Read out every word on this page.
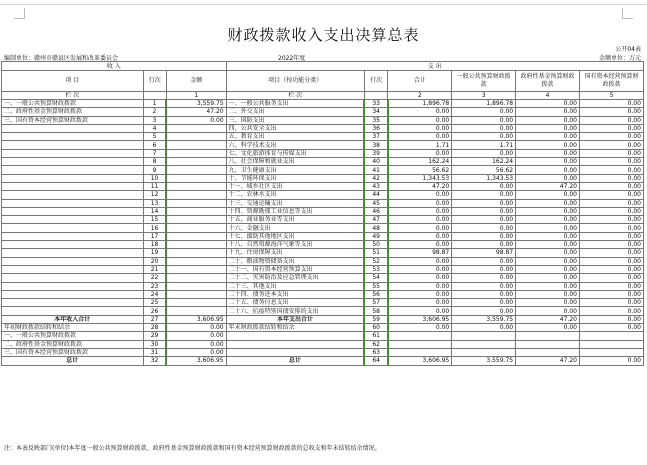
财政拨款收入支出决算总表
公开04表
编制单位：赣州市赣县区发展和改革委员会	2022年度	金额单位：万元
收 入			支 出					
项 目	行次	金额	项目（按功能分类）	行次	合计	一般公共预算财政拨款	政府性基金预算财政拨款	国有资本经营预算财政拨款
栏 次		1	栏 次		2	3	4	5
一、一般公共预算财政拨款	1	3,559.75	一、一般公共服务支出	33	1,896.78	1,896.78	0.00	0.00
二、政府性基金预算财政拨款	2	47.20	二、外交支出	34	0.00	0.00	0.00	0.00
三、国有资本经营预算财政拨款	3	0.00	三、国防支出	35	0.00	0.00	0.00	0.00
	4		四、公共安全支出	36	0.00	0.00	0.00	0.00
	5		五、教育支出	37	0.00	0.00	0.00	0.00
	6		六、科学技术支出	38	1.71	1.71	0.00	0.00
	7		七、文化旅游体育与传媒支出	39	0.00	0.00	0.00	0.00
	8		八、社会保障和就业支出	40	162.24	162.24	0.00	0.00
	9		九、卫生健康支出	41	56.62	56.62	0.00	0.00
	10		十、节能环保支出	42	1,343.53	1,343.53	0.00	0.00
	11		十一、城乡社区支出	43	47.20	0.00	47.20	0.00
	12		十二、农林水支出	44	0.00	0.00	0.00	0.00
	13		十三、交通运输支出	45	0.00	0.00	0.00	0.00
	14		十四、资源勘探工业信息等支出	46	0.00	0.00	0.00	0.00
	15		十五、商业服务业等支出	47	0.00	0.00	0.00	0.00
	16		十六、金融支出	48	0.00	0.00	0.00	0.00
	17		十七、援助其他地区支出	49	0.00	0.00	0.00	0.00
	18		十八、自然资源海洋气象等支出	50	0.00	0.00	0.00	0.00
	19		十九、住房保障支出	51	98.87	98.87	0.00	0.00
	20		二十、粮油物资储备支出	52	0.00	0.00	0.00	0.00
	21		二十一、国有资本经营预算支出	53	0.00	0.00	0.00	0.00
	22		二十二、灾害防治及应急管理支出	54	0.00	0.00	0.00	0.00
	23		二十三、其他支出	55	0.00	0.00	0.00	0.00
	24		二十四、债务还本支出	56	0.00	0.00	0.00	0.00
	25		二十五、债务付息支出	57	0.00	0.00	0.00	0.00
	26		二十六、抗疫特别国债安排的支出	58	0.00	0.00	0.00	0.00
本年收入合计	27	3,606.95	本年支出合计	59	3,606.95	3,559.75	47.20	0.00
年初财政拨款结转和结余	28	0.00	年末财政拨款结转和结余	60	0.00	0.00	0.00	0.00
一、一般公共预算财政拨款	29	0.00		61				
二、政府性基金预算财政拨款	30	0.00		62				
三、国有资本经营预算财政拨款	31	0.00		63				
总计	32	3,606.95	总计	64	3,606.95	3,559.75	47.20	0.00
注：本表反映部门(单位)本年度一般公共预算财政拨款、政府性基金预算财政拨款和国有资本经营预算财政拨款的总收支和年末结转结余情况。
